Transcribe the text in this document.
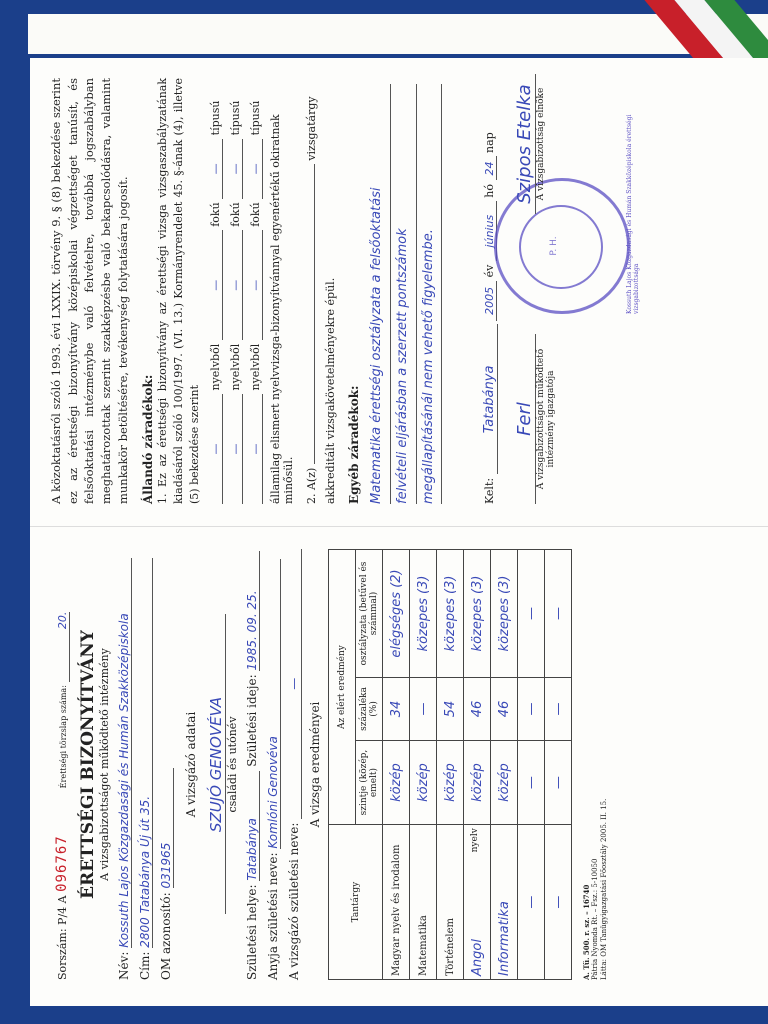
Sorszám: P/4 A 096767  Érettségi törzslap száma: 20.
ÉRETTSÉGI BIZONYÍTVÁNY A vizsgabizottságot működtető intézmény
Név: Kossuth Lajos Közgazdasági és Humán Szakközépiskola
Cím: 2800 Tatabánya Új út 35. OM azonosító: 031965
A vizsgázó adatai SZUJÓ GENOVÉVA családi és utónév
Születési helye: Tatabánya Születési ideje: 1985. 09. 25.
Anyja születési neve: Komlóni Genovéva
A vizsgázó születési neve: —
A vizsga eredményei
Tantárgy	Az elért eredmény		
	szintje (közép, emelt)	százaléka (%)	osztályzata (betűvel és számmal)
Magyar nyelv és irodalom	közép	34	elégséges (2)
Matematika	közép	—	közepes (3)
Történelem	közép	54	közepes (3)
Angol
nyelv	közép	46	közepes (3)
Informatika	közép	46	közepes (3)
—	—	—	—
—	—	—	—
A. Tü. 500. r. sz. – 16740 Pátria Nyomda Rt. – Fsz.: 5-10050 Látta: OM Tanügyigazgatási Főosztály 2005. II. 15.
A közoktatásról szóló 1993. évi LXXIX. törvény 9. § (8) bekezdése szerint ez az érettségi bizonyítvány középiskolai végzettséget tanúsít, és felsőoktatási intézménybe való felvételre, továbbá jogszabályban meghatározottak szerint szakképzésbe való bekapcsolódásra, valamint munkakör betöltésére, tevékenység folytatására jogosít. Állandó záradékok: 1. Ez az érettségi bizonyítvány az érettségi vizsga vizsgaszabályzatának kiadásáról szóló 100/1997. (VI. 13.) Kormányrendelet 45. §-ának (4), illetve (5) bekezdése szerint — nyelvből — fokú — típusú
— nyelvből — fokú — típusú
— nyelvből — fokú — típusú államilag elismert nyelvvizsga-bizonyítvánnyal egyenértékű okiratnak minősül. 2. A(z)  vizsgatárgy
akkreditált vizsgakövetelményekre épül. Egyéb záradékok: Matematika érettségi osztályzata a felsőoktatási felvételi eljárásban a szerzett pontszámok megállapításánál nem vehető figyelembe.	Kelt: Tatabánya 2005 év június hó 24 nap
Ferl A vizsgabizottságot működtető intézmény igazgatója
P. H.	Kossuth Lajos Közgazdasági és Humán Szakközépiskola érettségi vizsgabizottsága
Szipos Etelka A vizsgabizottság elnöke
